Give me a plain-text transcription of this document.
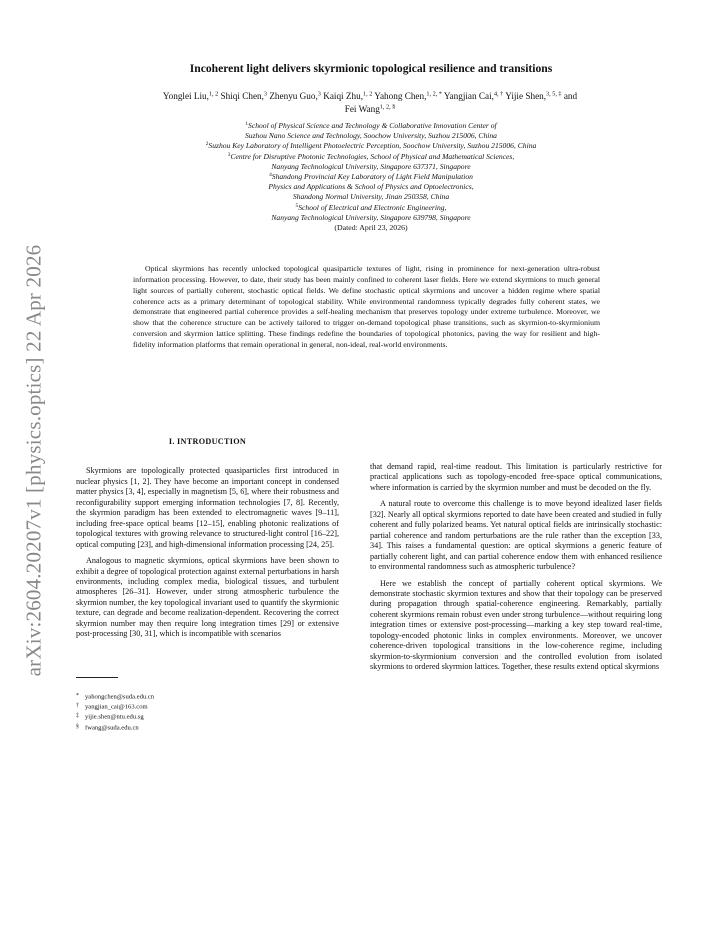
arXiv:2604.20207v1 [physics.optics] 22 Apr 2026
Incoherent light delivers skyrmionic topological resilience and transitions
Yonglei Liu,$^{1, 2}$ Shiqi Chen,$^3$ Zhenyu Guo,$^3$ Kaiqi Zhu,$^{1, 2}$ Yahong Chen,$^{1, 2, *}$ Yangjian Cai,$^{4, \dagger}$ Yijie Shen,$^{3, 5, \ddagger}$ and Fei Wang$^{1, 2, \S}$
$^1$School of Physical Science and Technology & Collaborative Innovation Center of
Suzhou Nano Science and Technology, Soochow University, Suzhou 215006, China
$^2$Suzhou Key Laboratory of Intelligent Photoelectric Perception, Soochow University, Suzhou 215006, China
$^3$Centre for Disruptive Photonic Technologies, School of Physical and Mathematical Sciences,
Nanyang Technological University, Singapore 637371, Singapore
$^4$Shandong Provincial Key Laboratory of Light Field Manipulation
Physics and Applications & School of Physics and Optoelectronics,
Shandong Normal University, Jinan 250358, China
$^5$School of Electrical and Electronic Engineering,
Nanyang Technological University, Singapore 639798, Singapore
(Dated: April 23, 2026)

Optical skyrmions has recently unlocked topological quasiparticle textures of light, rising in prominence for next-generation ultra-robust information processing. However, to date, their study has been mainly confined to coherent laser fields. Here we extend skyrmions to much general light sources of partially coherent, stochastic optical fields. We define stochastic optical skyrmions and uncover a hidden regime where spatial coherence acts as a primary determinant of topological stability. While environmental randomness typically degrades fully coherent states, we demonstrate that engineered partial coherence provides a self-healing mechanism that preserves topology under extreme turbulence. Moreover, we show that the coherence structure can be actively tailored to trigger on-demand topological phase transitions, such as skyrmion-to-skyrmionium conversion and skyrmion lattice splitting. These findings redefine the boundaries of topological photonics, paving the way for resilient and high-fidelity information platforms that remain operational in general, non-ideal, real-world environments.

I. INTRODUCTION

Skyrmions are topologically protected quasiparticles first introduced in nuclear physics [1, 2]. They have become an important concept in condensed matter physics [3, 4], especially in magnetism [5, 6], where their robustness and reconfigurability support emerging information technologies [7, 8]. Recently, the skyrmion paradigm has been extended to electromagnetic waves [9–11], including free-space optical beams [12–15], enabling photonic realizations of topological textures with growing relevance to structured-light control [16–22], optical computing [23], and high-dimensional information processing [24, 25].

Analogous to magnetic skyrmions, optical skyrmions have been shown to exhibit a degree of topological protection against external perturbations in harsh environments, including complex media, biological tissues, and turbulent atmospheres [26–31]. However, under strong atmospheric turbulence the skyrmion number, the key topological invariant used to quantify the skyrmionic texture, can degrade and become realization-dependent. Recovering the correct skyrmion number may then require long integration times [29] or extensive post-processing [30, 31], which is incompatible with scenarios

* yahongchen@suda.edu.cn
† yangjian_cai@163.com
‡ yijie.shen@ntu.edu.sg
§ fwang@suda.edu.cn

that demand rapid, real-time readout. This limitation is particularly restrictive for practical applications such as topology-encoded free-space optical communications, where information is carried by the skyrmion number and must be decoded on the fly.

A natural route to overcome this challenge is to move beyond idealized laser fields [32]. Nearly all optical skyrmions reported to date have been created and studied in fully coherent and fully polarized beams. Yet natural optical fields are intrinsically stochastic: partial coherence and random perturbations are the rule rather than the exception [33, 34]. This raises a fundamental question: are optical skyrmions a generic feature of partially coherent light, and can partial coherence endow them with enhanced resilience to environmental randomness such as atmospheric turbulence?

Here we establish the concept of partially coherent optical skyrmions. We demonstrate stochastic skyrmion textures and show that their topology can be preserved during propagation through spatial-coherence engineering. Remarkably, partially coherent skyrmions remain robust even under strong turbulence—without requiring long integration times or extensive post-processing—marking a key step toward real-time, topology-encoded photonic links in complex environments. Moreover, we uncover coherence-driven topological transitions in the low-coherence regime, including skyrmion-to-skyrmionium conversion and the controlled evolution from isolated skyrmions to ordered skyrmion lattices. Together, these results extend optical skyrmions
